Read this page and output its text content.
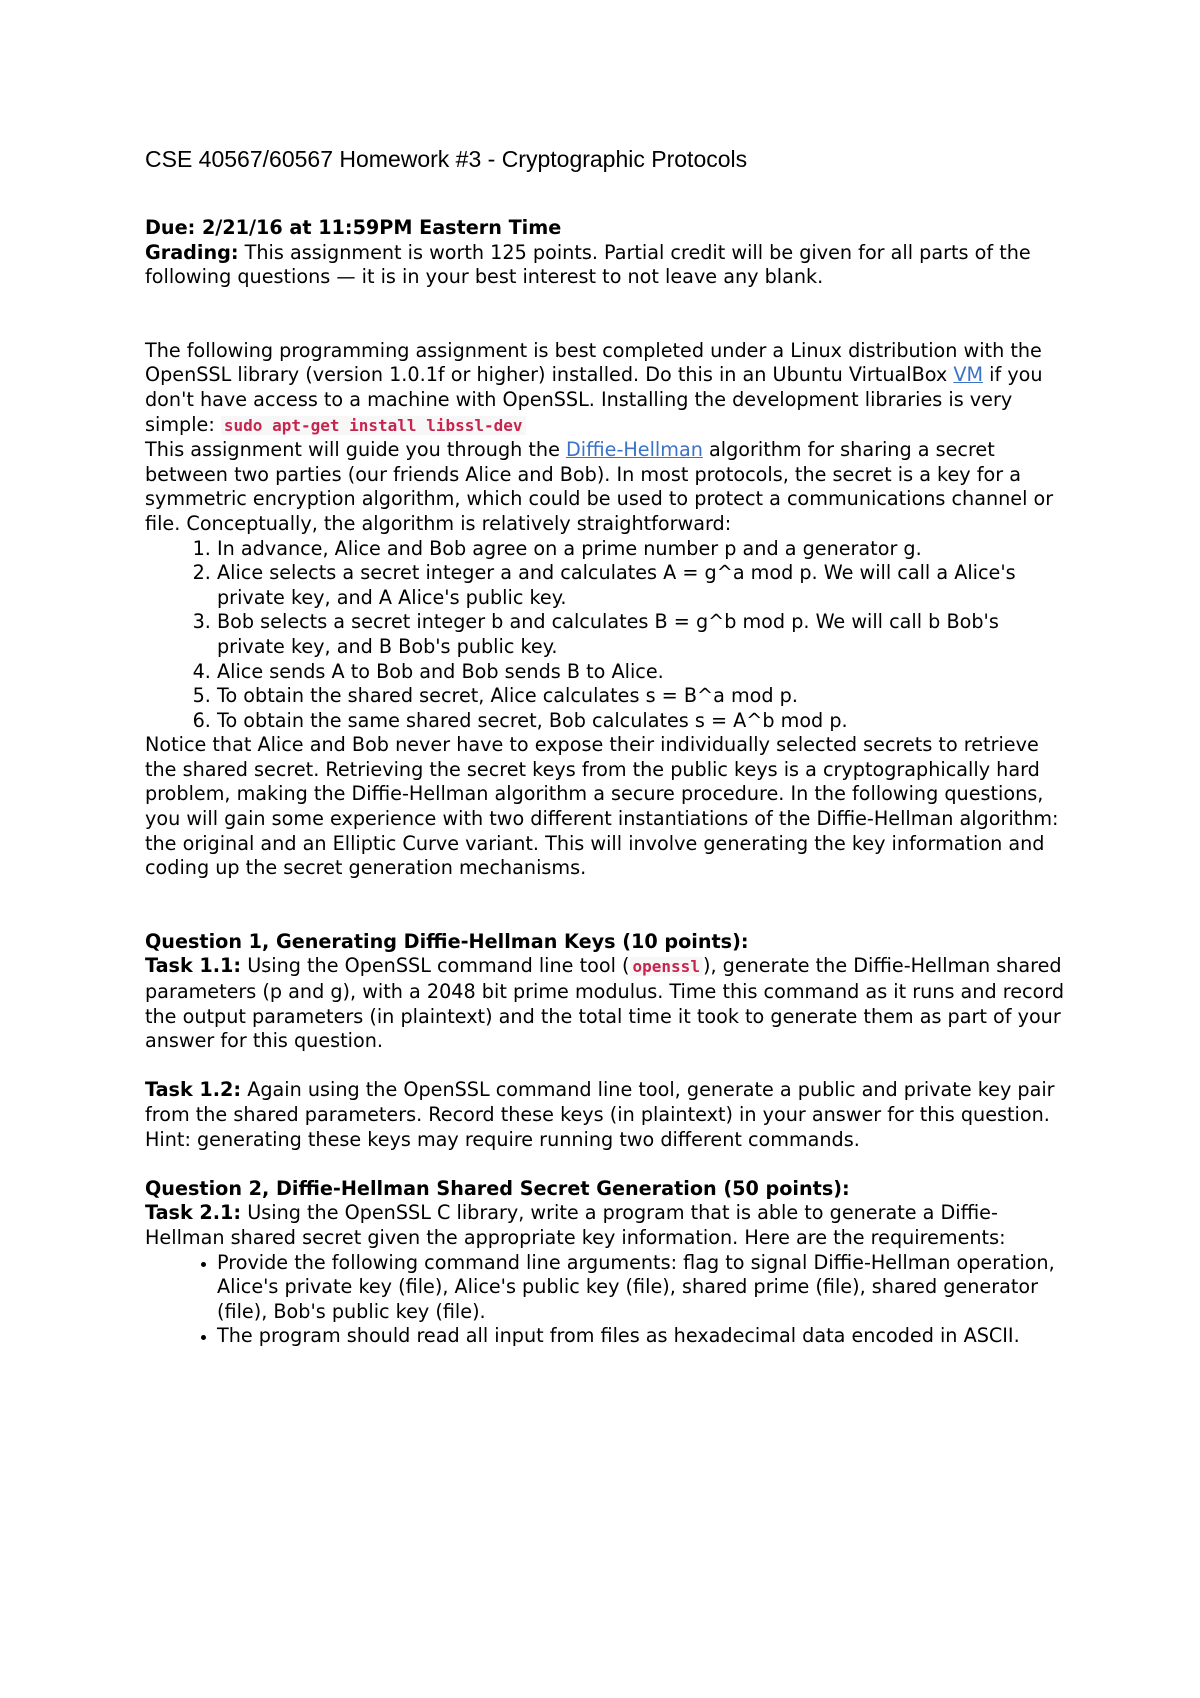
CSE 40567/60567 Homework #3 - Cryptographic Protocols

Due: 2/21/16 at 11:59PM Eastern Time

Grading: This assignment is worth 125 points. Partial credit will be given for all parts of the following questions — it is in your best interest to not leave any blank.

The following programming assignment is best completed under a Linux distribution with the OpenSSL library (version 1.0.1f or higher) installed. Do this in an Ubuntu VirtualBox VM if you don't have access to a machine with OpenSSL. Installing the development libraries is very simple: sudo apt-get install libssl-dev

This assignment will guide you through the Diffie-Hellman algorithm for sharing a secret between two parties (our friends Alice and Bob). In most protocols, the secret is a key for a symmetric encryption algorithm, which could be used to protect a communications channel or file. Conceptually, the algorithm is relatively straightforward:

1. In advance, Alice and Bob agree on a prime number p and a generator g.
2. Alice selects a secret integer a and calculates A = g^a mod p. We will call a Alice's private key, and A Alice's public key.
3. Bob selects a secret integer b and calculates B = g^b mod p. We will call b Bob's private key, and B Bob's public key.
4. Alice sends A to Bob and Bob sends B to Alice.
5. To obtain the shared secret, Alice calculates s = B^a mod p.
6. To obtain the same shared secret, Bob calculates s = A^b mod p.

Notice that Alice and Bob never have to expose their individually selected secrets to retrieve the shared secret. Retrieving the secret keys from the public keys is a cryptographically hard problem, making the Diffie-Hellman algorithm a secure procedure. In the following questions, you will gain some experience with two different instantiations of the Diffie-Hellman algorithm: the original and an Elliptic Curve variant. This will involve generating the key information and coding up the secret generation mechanisms.

Question 1, Generating Diffie-Hellman Keys (10 points):

Task 1.1: Using the OpenSSL command line tool ( openssl ), generate the Diffie-Hellman shared parameters (p and g), with a 2048 bit prime modulus. Time this command as it runs and record the output parameters (in plaintext) and the total time it took to generate them as part of your answer for this question.

Task 1.2: Again using the OpenSSL command line tool, generate a public and private key pair from the shared parameters. Record these keys (in plaintext) in your answer for this question. Hint: generating these keys may require running two different commands.

Question 2, Diffie-Hellman Shared Secret Generation (50 points):

Task 2.1: Using the OpenSSL C library, write a program that is able to generate a Diffie-Hellman shared secret given the appropriate key information. Here are the requirements:

• Provide the following command line arguments: flag to signal Diffie-Hellman operation, Alice's private key (file), Alice's public key (file), shared prime (file), shared generator (file), Bob's public key (file).
• The program should read all input from files as hexadecimal data encoded in ASCII.
